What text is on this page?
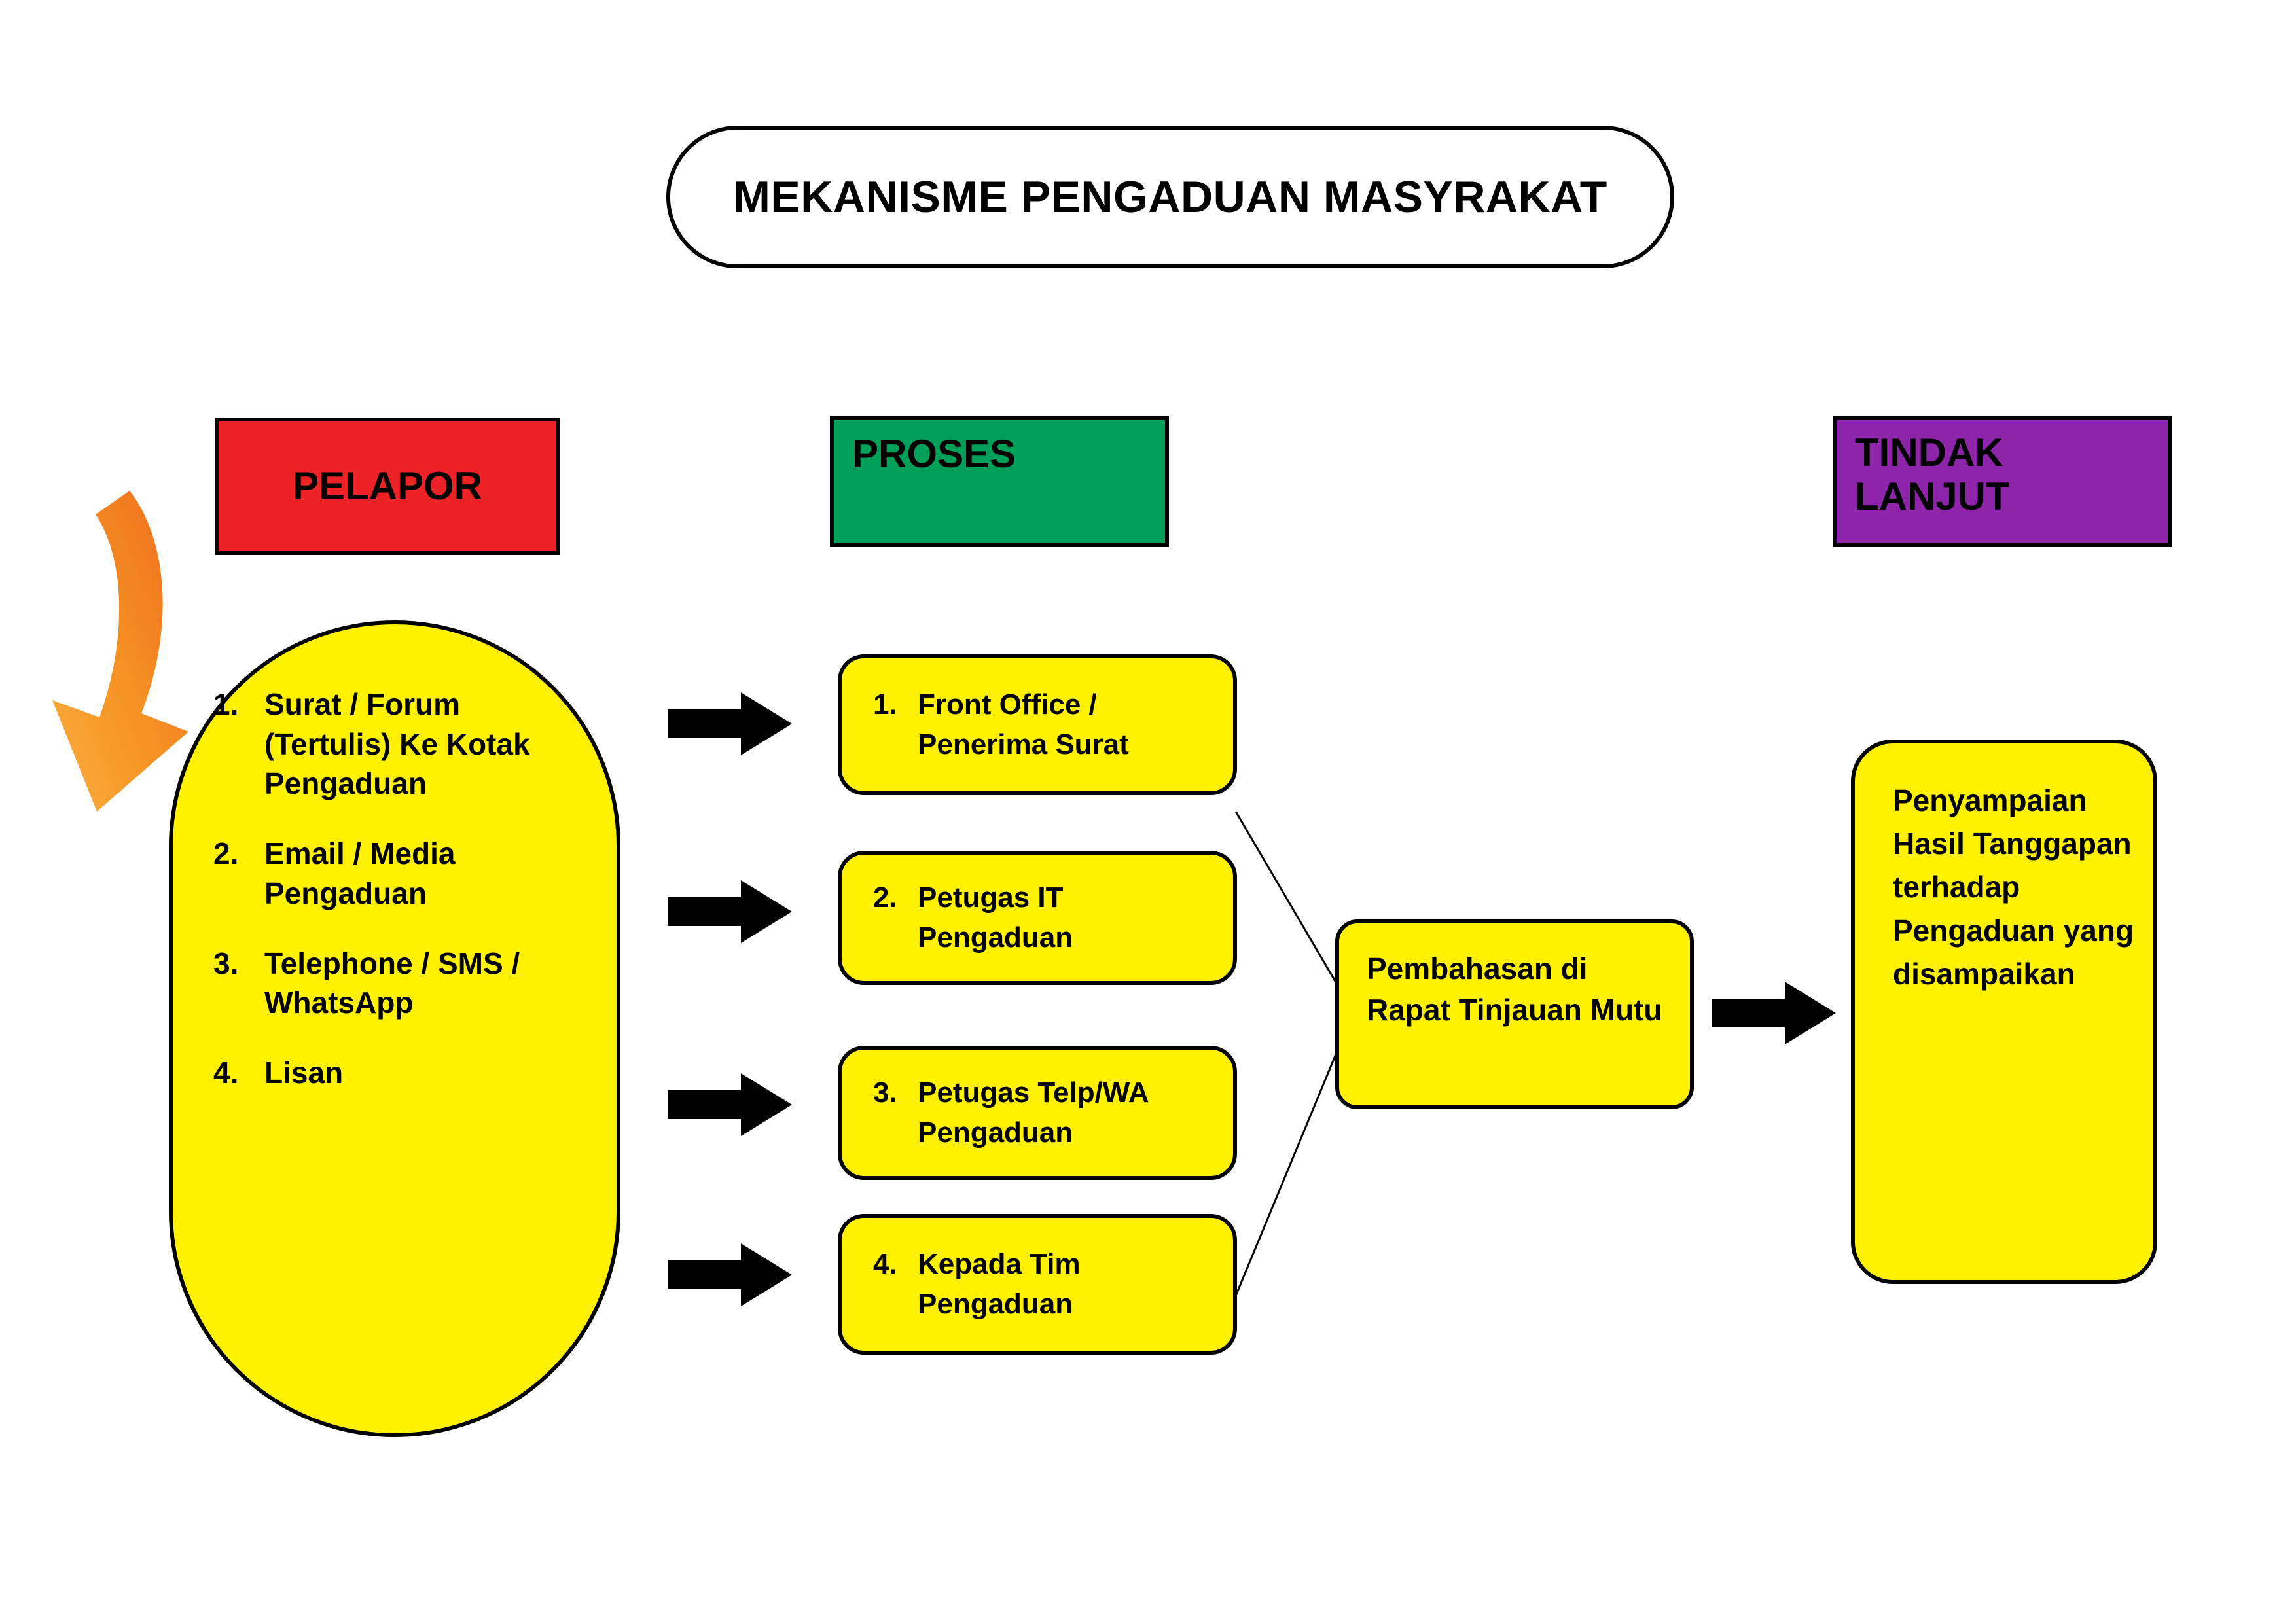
MEKANISME PENGADUAN MASYRAKAT
PELAPOR
PROSES	TINDAK LANJUT
1. Surat / Forum (Tertulis) Ke Kotak Pengaduan
2. Email / Media Pengaduan
3. Telephone / SMS / WhatsApp
4. Lisan
1. Front Office / Penerima Surat
2. Petugas IT Pengaduan
3. Petugas Telp/WA Pengaduan
4. Kepada Tim Pengaduan
Pembahasan di Rapat Tinjauan Mutu
Penyampaian Hasil Tanggapan terhadap Pengaduan yang disampaikan
